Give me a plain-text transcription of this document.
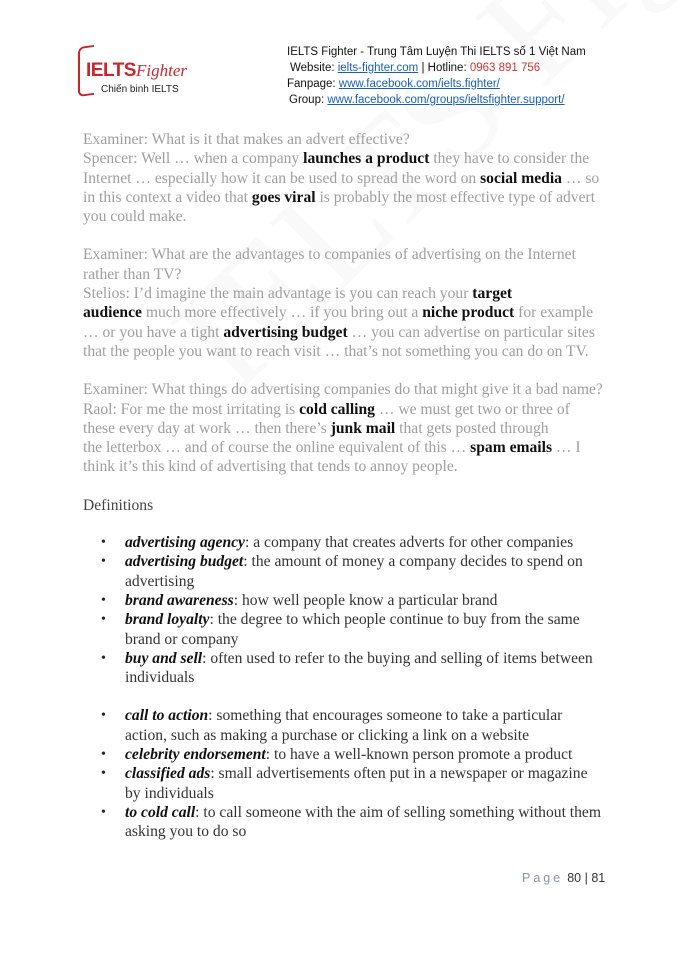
IELTS Fighter
Chiến binh IELTS
IELTS Fighter - Trung Tâm Luyện Thi IELTS số 1 Việt Nam
Website: ielts-fighter.com | Hotline: 0963 891 756
Fanpage: www.facebook.com/ielts.fighter/
Group: www.facebook.com/groups/ieltsfighter.support/
Examiner: What is it that makes an advert effective?
Spencer: Well … when a company launches a product they have to consider the
Internet … especially how it can be used to spread the word on social media … so
in this context a video that goes viral is probably the most effective type of advert
you could make.
Examiner: What are the advantages to companies of advertising on the Internet
rather than TV?
Stelios: I’d imagine the main advantage is you can reach your target
audience much more effectively … if you bring out a niche product for example
… or you have a tight advertising budget … you can advertise on particular sites
that the people you want to reach visit … that’s not something you can do on TV.
Examiner: What things do advertising companies do that might give it a bad name?
Raol: For me the most irritating is cold calling … we must get two or three of
these every day at work … then there’s junk mail that gets posted through
the letterbox … and of course the online equivalent of this … spam emails … I
think it’s this kind of advertising that tends to annoy people.
Definitions
• advertising agency: a company that creates adverts for other companies
• advertising budget: the amount of money a company decides to spend on
advertising
• brand awareness: how well people know a particular brand
• brand loyalty: the degree to which people continue to buy from the same
brand or company
• buy and sell: often used to refer to the buying and selling of items between
individuals
• call to action: something that encourages someone to take a particular
action, such as making a purchase or clicking a link on a website
• celebrity endorsement: to have a well-known person promote a product
• classified ads: small advertisements often put in a newspaper or magazine
by individuals
• to cold call: to call someone with the aim of selling something without them
asking you to do so
Page 80 | 81
